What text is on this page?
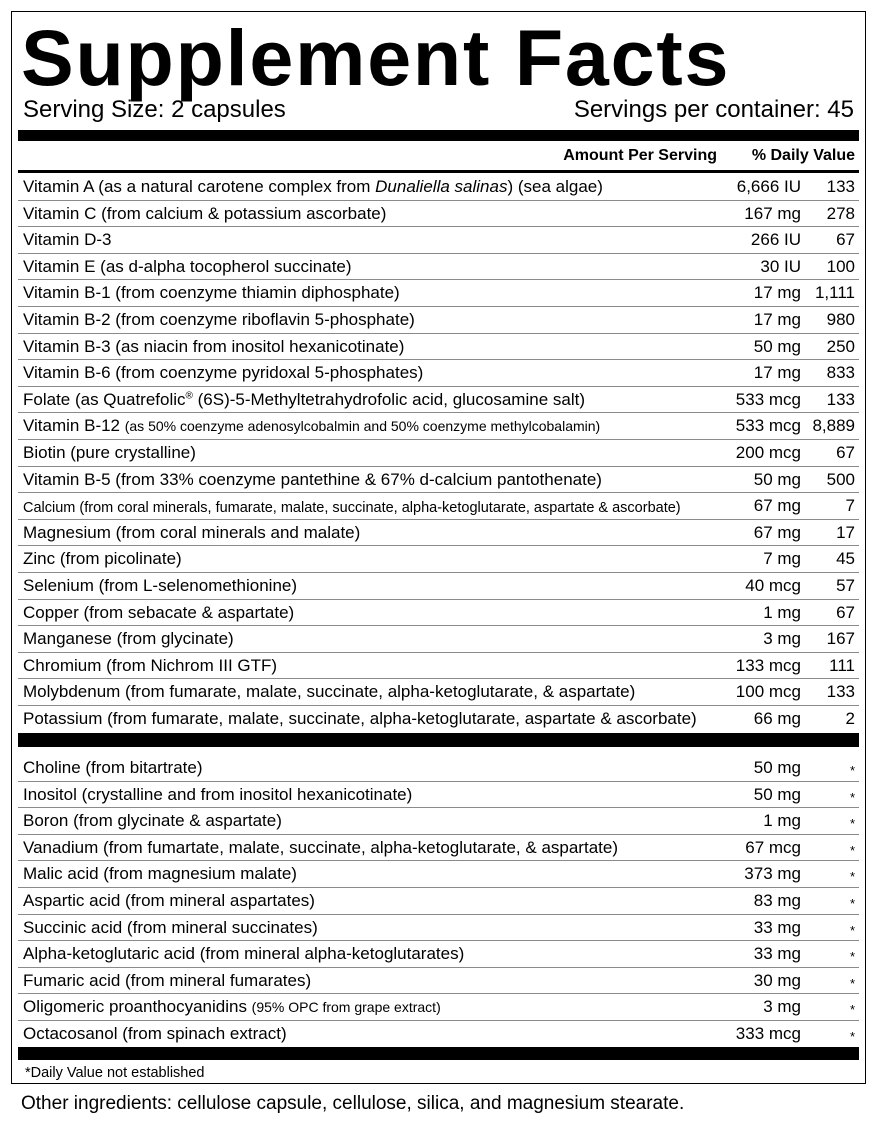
Supplement Facts
Serving Size: 2 capsules	Servings per container: 45
Amount Per Serving % Daily Value
Vitamin A (as a natural carotene complex from Dunaliella salinas) (sea algae)	6,666 IU 133
Vitamin C (from calcium & potassium ascorbate)	167 mg 278
Vitamin D-3	266 IU 67
Vitamin E (as d-alpha tocopherol succinate)	30 IU 100
Vitamin B-1 (from coenzyme thiamin diphosphate)	17 mg 1,111
Vitamin B-2 (from coenzyme riboflavin 5-phosphate)	17 mg 980
Vitamin B-3 (as niacin from inositol hexanicotinate)	50 mg 250
Vitamin B-6 (from coenzyme pyridoxal 5-phosphates)	17 mg 833
Folate (as Quatrefolic® (6S)-5-Methyltetrahydrofolic acid, glucosamine salt)	533 mcg 133
Vitamin B-12 (as 50% coenzyme adenosylcobalmin and 50% coenzyme methylcobalamin)	533 mcg 8,889
Biotin (pure crystalline)	200 mcg 67
Vitamin B-5 (from 33% coenzyme pantethine & 67% d-calcium pantothenate)	50 mg 500
Calcium (from coral minerals, fumarate, malate, succinate, alpha-ketoglutarate, aspartate & ascorbate)	67 mg	7
Magnesium (from coral minerals and malate)	67 mg 17
Zinc (from picolinate)	7 mg 45
Selenium (from L-selenomethionine)	40 mcg 57
Copper (from sebacate & aspartate)	1 mg 67
Manganese (from glycinate)	3 mg 167
Chromium (from Nichrom III GTF)	133 mcg 111
Molybdenum (from fumarate, malate, succinate, alpha-ketoglutarate, & aspartate)	100 mcg 133
Potassium (from fumarate, malate, succinate, alpha-ketoglutarate, aspartate & ascorbate)	66 mg	2
Choline (from bitartrate)	50 mg	*
Inositol (crystalline and from inositol hexanicotinate)	50 mg	*
Boron (from glycinate & aspartate)	1 mg	*
Vanadium (from fumartate, malate, succinate, alpha-ketoglutarate, & aspartate)	67 mcg	*
Malic acid (from magnesium malate)	373 mg	*
Aspartic acid (from mineral aspartates)	83 mg	*
Succinic acid (from mineral succinates)	33 mg	*
Alpha-ketoglutaric acid (from mineral alpha-ketoglutarates)	33 mg	*
Fumaric acid (from mineral fumarates)	30 mg	*
Oligomeric proanthocyanidins (95% OPC from grape extract)	3 mg	*
Octacosanol (from spinach extract)	333 mcg	*
*Daily Value not established
Other ingredients: cellulose capsule, cellulose, silica, and magnesium stearate.
